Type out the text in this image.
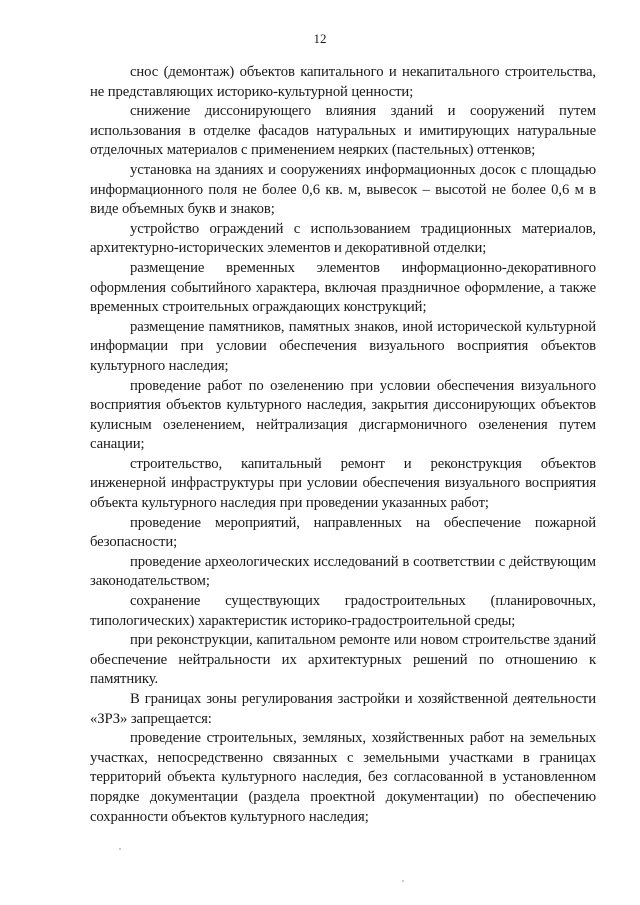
12

снос (демонтаж) объектов капитального и некапитального строительства, не представляющих историко-культурной ценности;

снижение диссонирующего влияния зданий и сооружений путем использования в отделке фасадов натуральных и имитирующих натуральные отделочных материалов с применением неярких (пастельных) оттенков;

установка на зданиях и сооружениях информационных досок с площадью информационного поля не более 0,6 кв. м, вывесок – высотой не более 0,6 м в виде объемных букв и знаков;

устройство ограждений с использованием традиционных материалов, архитектурно-исторических элементов и декоративной отделки;

размещение временных элементов информационно-декоративного оформления событийного характера, включая праздничное оформление, а также временных строительных ограждающих конструкций;

размещение памятников, памятных знаков, иной исторической культурной информации при условии обеспечения визуального восприятия объектов культурного наследия;

проведение работ по озеленению при условии обеспечения визуального восприятия объектов культурного наследия, закрытия диссонирующих объектов кулисным озеленением, нейтрализация дисгармоничного озеленения путем санации;

строительство, капитальный ремонт и реконструкция объектов инженерной инфраструктуры при условии обеспечения визуального восприятия объекта культурного наследия при проведении указанных работ;

проведение мероприятий, направленных на обеспечение пожарной безопасности;

проведение археологических исследований в соответствии с действующим законодательством;

сохранение существующих градостроительных (планировочных, типологических) характеристик историко-градостроительной среды;

при реконструкции, капитальном ремонте или новом строительстве зданий обеспечение нейтральности их архитектурных решений по отношению к памятнику.

В границах зоны регулирования застройки и хозяйственной деятельности «ЗРЗ» запрещается:

проведение строительных, земляных, хозяйственных работ на земельных участках, непосредственно связанных с земельными участками в границах территорий объекта культурного наследия, без согласованной в установленном порядке документации (раздела проектной документации) по обеспечению сохранности объектов культурного наследия;
